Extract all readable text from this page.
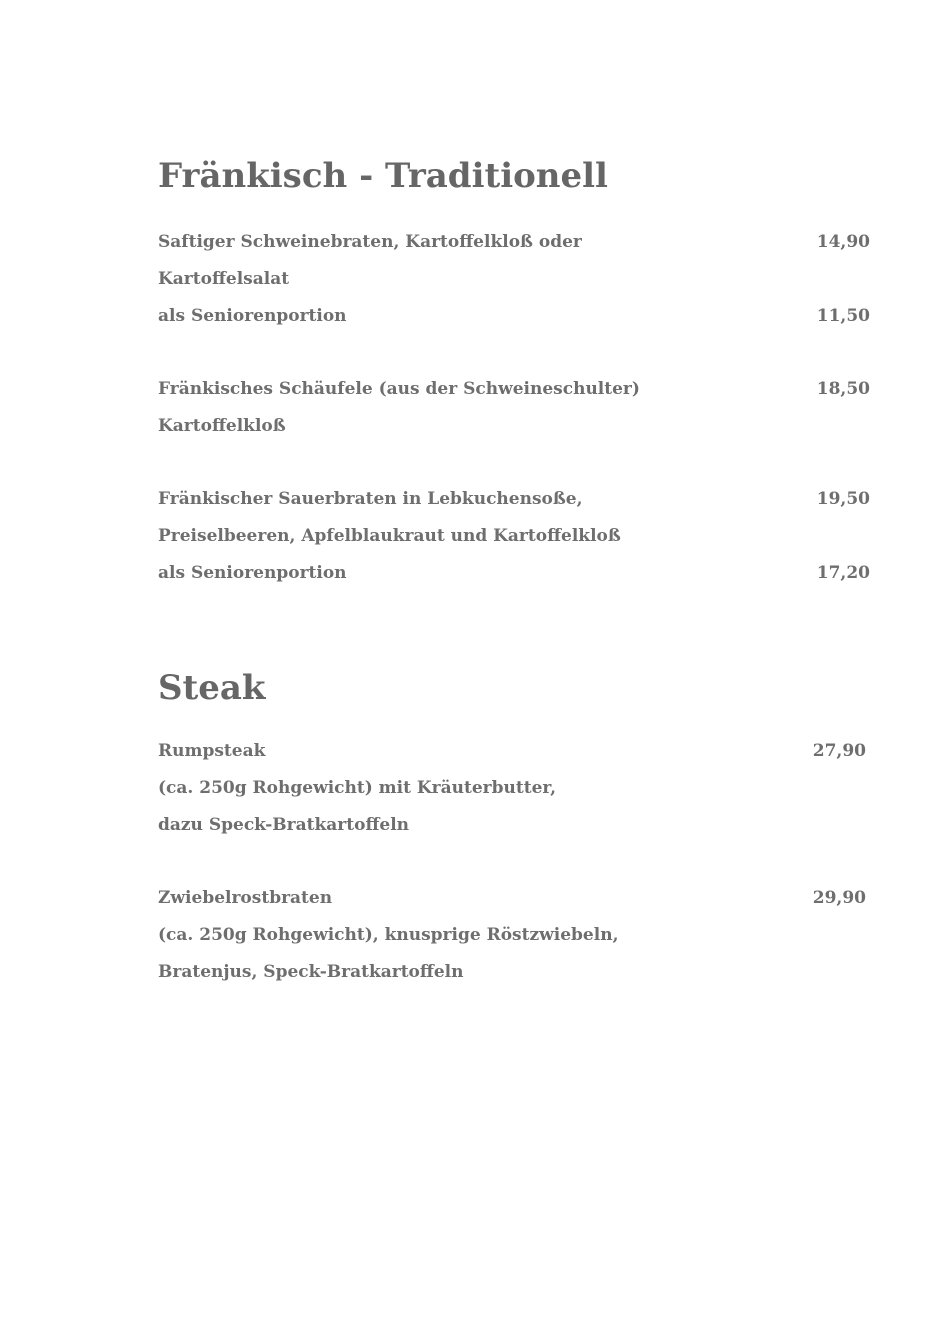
Fränkisch - Traditionell
Saftiger Schweinebraten, Kartoffelkloß oder	14,90
Kartoffelsalat
als Seniorenportion	11,50
Fränkisches Schäufele (aus der Schweineschulter)	18,50
Kartoffelkloß
Fränkischer Sauerbraten in Lebkuchensoße,	19,50
Preiselbeeren, Apfelblaukraut und Kartoffelkloß
als Seniorenportion	17,20
Steak
Rumpsteak	27,90
(ca. 250g Rohgewicht) mit Kräuterbutter,
dazu Speck-Bratkartoffeln
Zwiebelrostbraten	29,90
(ca. 250g Rohgewicht), knusprige Röstzwiebeln,
Bratenjus, Speck-Bratkartoffeln
